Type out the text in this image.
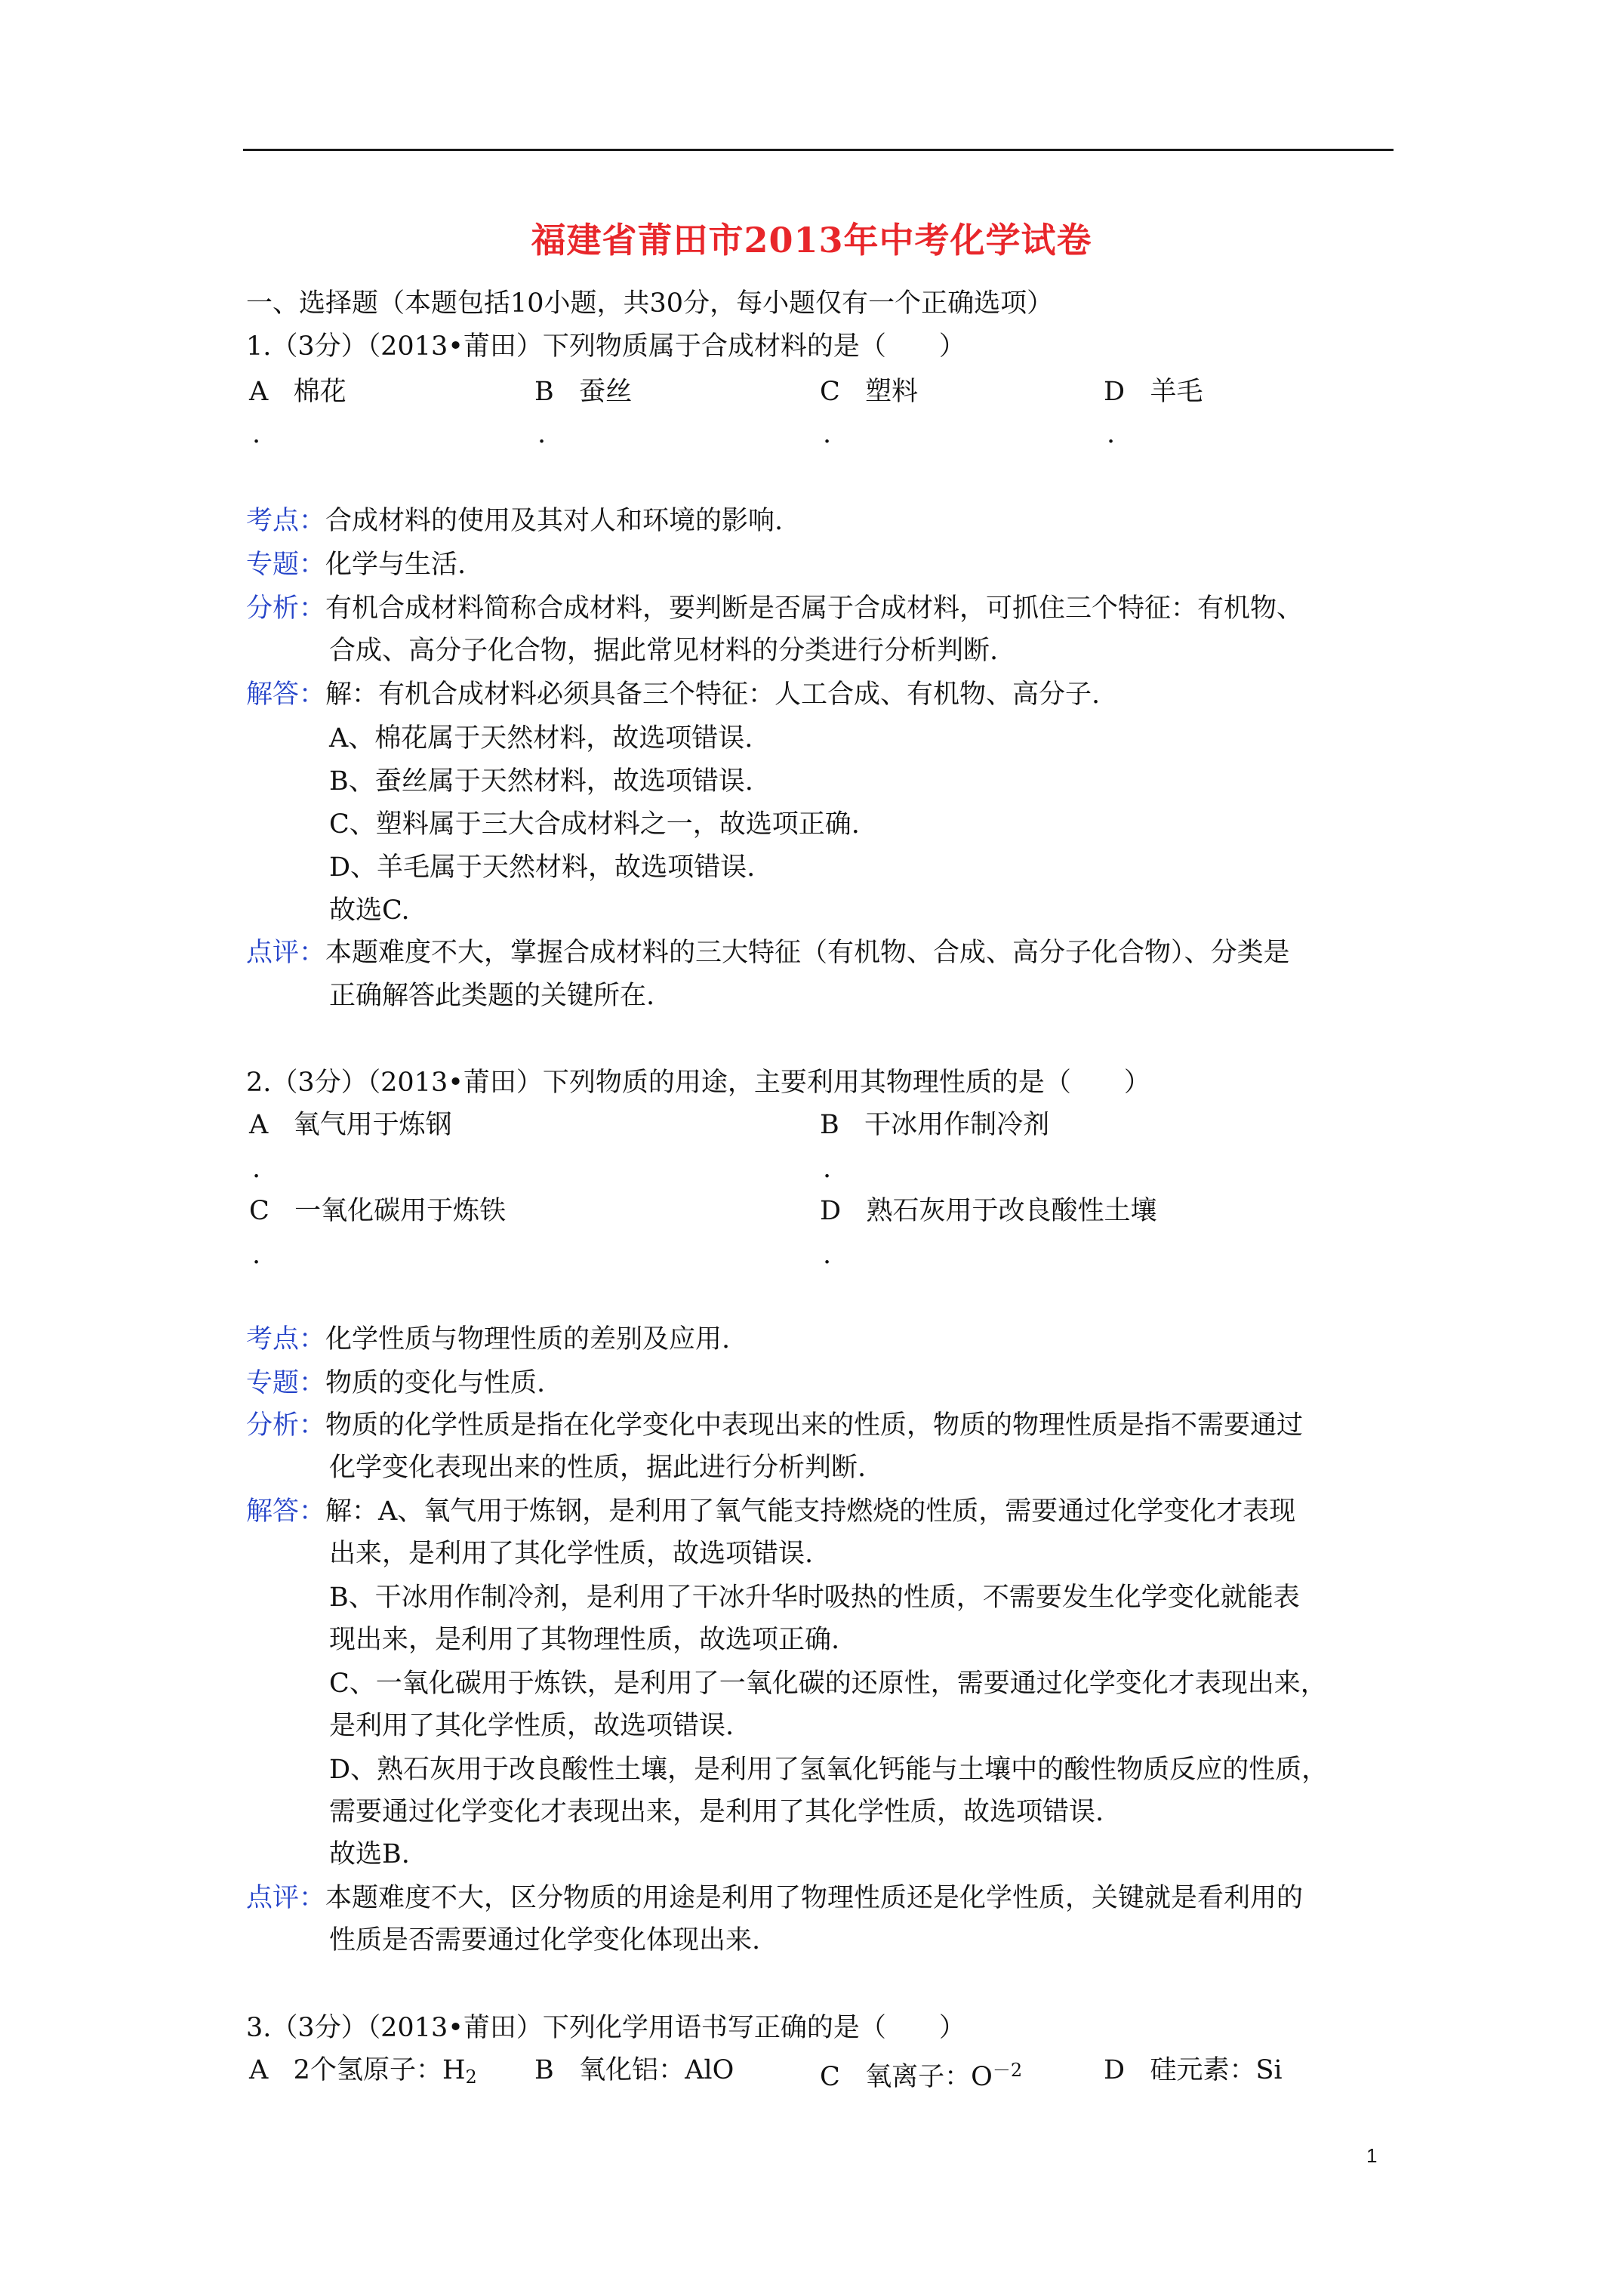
福建省莆田市2013年中考化学试卷
一、选择题（本题包括10小题，共30分，每小题仅有一个正确选项）
1.（3分）（2013•莆田）下列物质属于合成材料的是（　　）
A 棉花	B 蚕丝	C 塑料	D 羊毛
.	.	.	.
考点：合成材料的使用及其对人和环境的影响.
专题：化学与生活.
分析：有机合成材料简称合成材料，要判断是否属于合成材料，可抓住三个特征：有机物、
合成、高分子化合物，据此常见材料的分类进行分析判断.
解答：解：有机合成材料必须具备三个特征：人工合成、有机物、高分子.
A、棉花属于天然材料，故选项错误.
B、蚕丝属于天然材料，故选项错误.
C、塑料属于三大合成材料之一，故选项正确.
D、羊毛属于天然材料，故选项错误.
故选C.
点评：本题难度不大，掌握合成材料的三大特征（有机物、合成、高分子化合物）、分类是
正确解答此类题的关键所在.
2.（3分）（2013•莆田）下列物质的用途，主要利用其物理性质的是（　　）
A 氧气用于炼钢	B 干冰用作制冷剂
.	.
C 一氧化碳用于炼铁	D 熟石灰用于改良酸性土壤
.	.
考点：化学性质与物理性质的差别及应用.
专题：物质的变化与性质.
分析：物质的化学性质是指在化学变化中表现出来的性质，物质的物理性质是指不需要通过
化学变化表现出来的性质，据此进行分析判断.
解答：解：A、氧气用于炼钢，是利用了氧气能支持燃烧的性质，需要通过化学变化才表现
出来，是利用了其化学性质，故选项错误.
B、干冰用作制冷剂，是利用了干冰升华时吸热的性质，不需要发生化学变化就能表
现出来，是利用了其物理性质，故选项正确.
C、一氧化碳用于炼铁，是利用了一氧化碳的还原性，需要通过化学变化才表现出来，
是利用了其化学性质，故选项错误.
D、熟石灰用于改良酸性土壤，是利用了氢氧化钙能与土壤中的酸性物质反应的性质，
需要通过化学变化才表现出来，是利用了其化学性质，故选项错误.
故选B.
点评：本题难度不大，区分物质的用途是利用了物理性质还是化学性质，关键就是看利用的
性质是否需要通过化学变化体现出来.
3.（3分）（2013•莆田）下列化学用语书写正确的是（　　）
A 2个氢原子：$H_2$ B 氧化铝：AlO	C 氧离子：$O^{-2}$	D 硅元素：Si
1
